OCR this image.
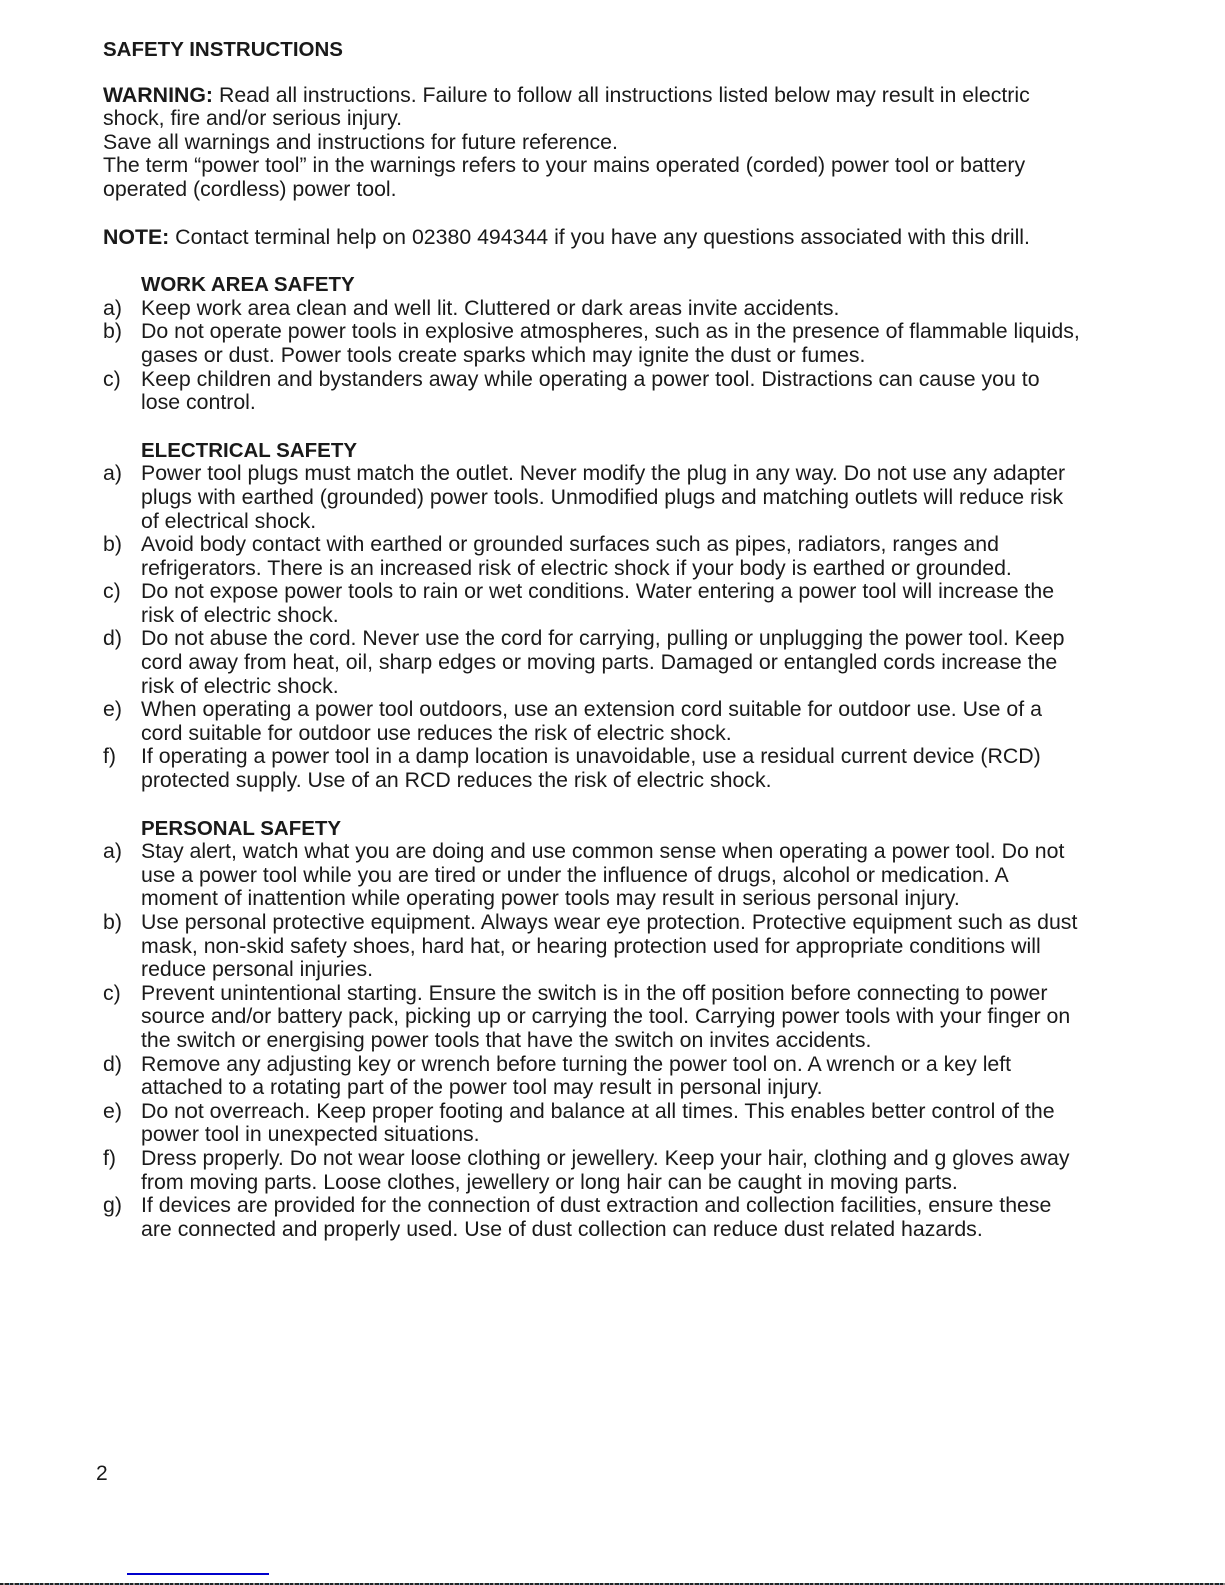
SAFETY INSTRUCTIONS

WARNING: Read all instructions. Failure to follow all instructions listed below may result in electric shock, fire and/or serious injury.

Save all warnings and instructions for future reference.

The term “power tool” in the warnings refers to your mains operated (corded) power tool or battery operated (cordless) power tool.

NOTE: Contact terminal help on 02380 494344 if you have any questions associated with this drill.
WORK AREA SAFETY
a) Keep work area clean and well lit. Cluttered or dark areas invite accidents.
b) Do not operate power tools in explosive atmospheres, such as in the presence of flammable liquids, gases or dust. Power tools create sparks which may ignite the dust or fumes.
c) Keep children and bystanders away while operating a power tool. Distractions can cause you to lose control.
ELECTRICAL SAFETY
a) Power tool plugs must match the outlet. Never modify the plug in any way. Do not use any adapter plugs with earthed (grounded) power tools. Unmodified plugs and matching outlets will reduce risk of electrical shock.
b) Avoid body contact with earthed or grounded surfaces such as pipes, radiators, ranges and refrigerators. There is an increased risk of electric shock if your body is earthed or grounded.
c) Do not expose power tools to rain or wet conditions. Water entering a power tool will increase the risk of electric shock.
d) Do not abuse the cord. Never use the cord for carrying, pulling or unplugging the power tool. Keep cord away from heat, oil, sharp edges or moving parts. Damaged or entangled cords increase the risk of electric shock.
e) When operating a power tool outdoors, use an extension cord suitable for outdoor use. Use of a cord suitable for outdoor use reduces the risk of electric shock.
f)	If operating a power tool in a damp location is unavoidable, use a residual current device (RCD) protected supply. Use of an RCD reduces the risk of electric shock.
PERSONAL SAFETY
a) Stay alert, watch what you are doing and use common sense when operating a power tool. Do not use a power tool while you are tired or under the influence of drugs, alcohol or medication. A moment of inattention while operating power tools may result in serious personal injury.
b) Use personal protective equipment. Always wear eye protection. Protective equipment such as dust mask, non-skid safety shoes, hard hat, or hearing protection used for appropriate conditions will reduce personal injuries.
c) Prevent unintentional starting. Ensure the switch is in the off position before connecting to power source and/or battery pack, picking up or carrying the tool. Carrying power tools with your finger on the switch or energising power tools that have the switch on invites accidents.
d) Remove any adjusting key or wrench before turning the power tool on. A wrench or a key left attached to a rotating part of the power tool may result in personal injury.
e) Do not overreach. Keep proper footing and balance at all times. This enables better control of the power tool in unexpected situations.
f)	Dress properly. Do not wear loose clothing or jewellery. Keep your hair, clothing and g gloves away from moving parts. Loose clothes, jewellery or long hair can be caught in moving parts.
g) If devices are provided for the connection of dust extraction and collection facilities, ensure these are connected and properly used. Use of dust collection can reduce dust related hazards.
2
